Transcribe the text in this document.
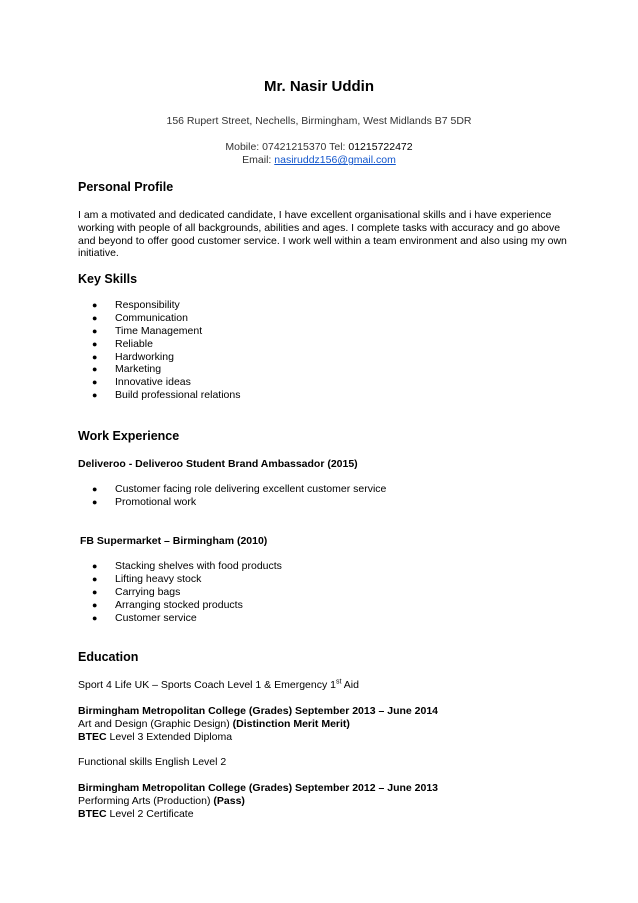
Mr. Nasir Uddin
156 Rupert Street, Nechells, Birmingham, West Midlands B7 5DR
Mobile: 07421215370 Tel: 01215722472
Email: nasiruddz156@gmail.com
Personal Profile
I am a motivated and dedicated candidate, I have excellent organisational skills and i have experience working with people of all backgrounds, abilities and ages. I complete tasks with accuracy and go above and beyond to offer good customer service. I work well within a team environment and also using my own initiative.
Key Skills
● Responsibility
● Communication
● Time Management
● Reliable
● Hardworking
● Marketing
● Innovative ideas
● Build professional relations
Work Experience
Deliveroo - Deliveroo Student Brand Ambassador (2015)
● Customer facing role delivering excellent customer service
● Promotional work
FB Supermarket – Birmingham (2010)
● Stacking shelves with food products
● Lifting heavy stock
● Carrying bags
● Arranging stocked products
● Customer service
Education
Sport 4 Life UK – Sports Coach Level 1 & Emergency 1st Aid
Birmingham Metropolitan College (Grades) September 2013 – June 2014
Art and Design (Graphic Design) (Distinction Merit Merit)
BTEC Level 3 Extended Diploma
Functional skills English Level 2
Birmingham Metropolitan College (Grades) September 2012 – June 2013
Performing Arts (Production) (Pass)
BTEC Level 2 Certificate
